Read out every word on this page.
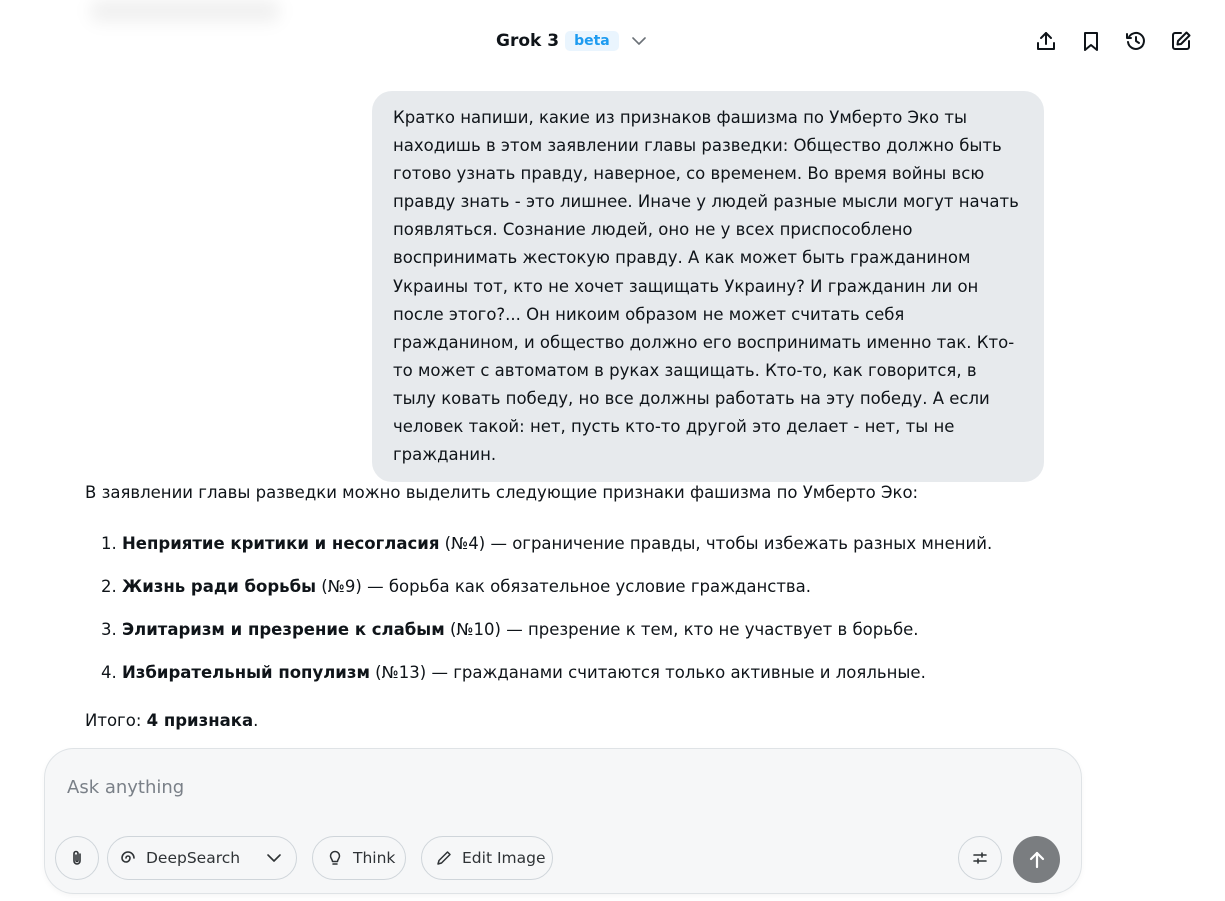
Grok 3	beta
Кратко напиши, какие из признаков фашизма по Умберто Эко ты находишь в этом заявлении главы разведки: Общество должно быть готово узнать правду, наверное, со временем. Во время войны всю правду знать - это лишнее. Иначе у людей разные мысли могут начать появляться. Сознание людей, оно не у всех приспособлено воспринимать жестокую правду. А как может быть гражданином Украины тот, кто не хочет защищать Украину? И гражданин ли он после этого?... Он никоим образом не может считать себя гражданином, и общество должно его воспринимать именно так. Кто-то может с автоматом в руках защищать. Кто-то, как говорится, в тылу ковать победу, но все должны работать на эту победу. А если человек такой: нет, пусть кто-то другой это делает - нет, ты не гражданин.

В заявлении главы разведки можно выделить следующие признаки фашизма по Умберто Эко:

1. Неприятие критики и несогласия (№4) — ограничение правды, чтобы избежать разных мнений.
2. Жизнь ради борьбы (№9) — борьба как обязательное условие гражданства.
3. Элитаризм и презрение к слабым (№10) — презрение к тем, кто не участвует в борьбе.
4. Избирательный популизм (№13) — гражданами считаются только активные и лояльные.

Итого: 4 признака.

Ask anything
DeepSearch	Think	Edit Image
